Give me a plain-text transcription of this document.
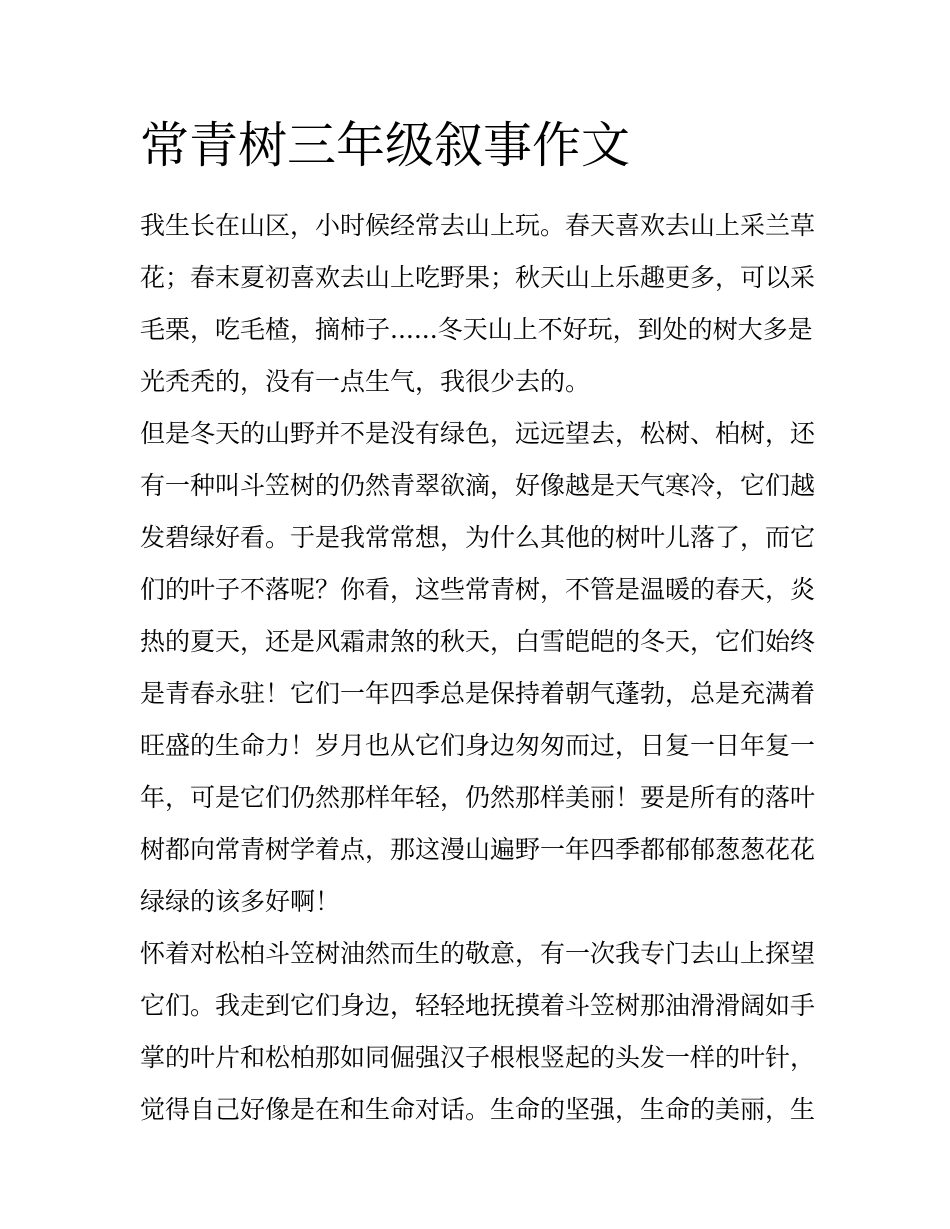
常青树三年级叙事作文

我生长在山区，小时候经常去山上玩。春天喜欢去山上采兰草
花；春末夏初喜欢去山上吃野果；秋天山上乐趣更多，可以采
毛栗，吃毛楂，摘柿子......冬天山上不好玩，到处的树大多是
光秃秃的，没有一点生气，我很少去的。

但是冬天的山野并不是没有绿色，远远望去，松树、柏树，还
有一种叫斗笠树的仍然青翠欲滴，好像越是天气寒冷，它们越
发碧绿好看。于是我常常想，为什么其他的树叶儿落了，而它
们的叶子不落呢？你看，这些常青树，不管是温暖的春天，炎
热的夏天，还是风霜肃煞的秋天，白雪皑皑的冬天，它们始终
是青春永驻！它们一年四季总是保持着朝气蓬勃，总是充满着
旺盛的生命力！岁月也从它们身边匆匆而过，日复一日年复一
年，可是它们仍然那样年轻，仍然那样美丽！要是所有的落叶
树都向常青树学着点，那这漫山遍野一年四季都郁郁葱葱花花
绿绿的该多好啊！

怀着对松柏斗笠树油然而生的敬意，有一次我专门去山上探望
它们。我走到它们身边，轻轻地抚摸着斗笠树那油滑滑阔如手
掌的叶片和松柏那如同倔强汉子根根竖起的头发一样的叶针，
觉得自己好像是在和生命对话。生命的坚强，生命的美丽，生
